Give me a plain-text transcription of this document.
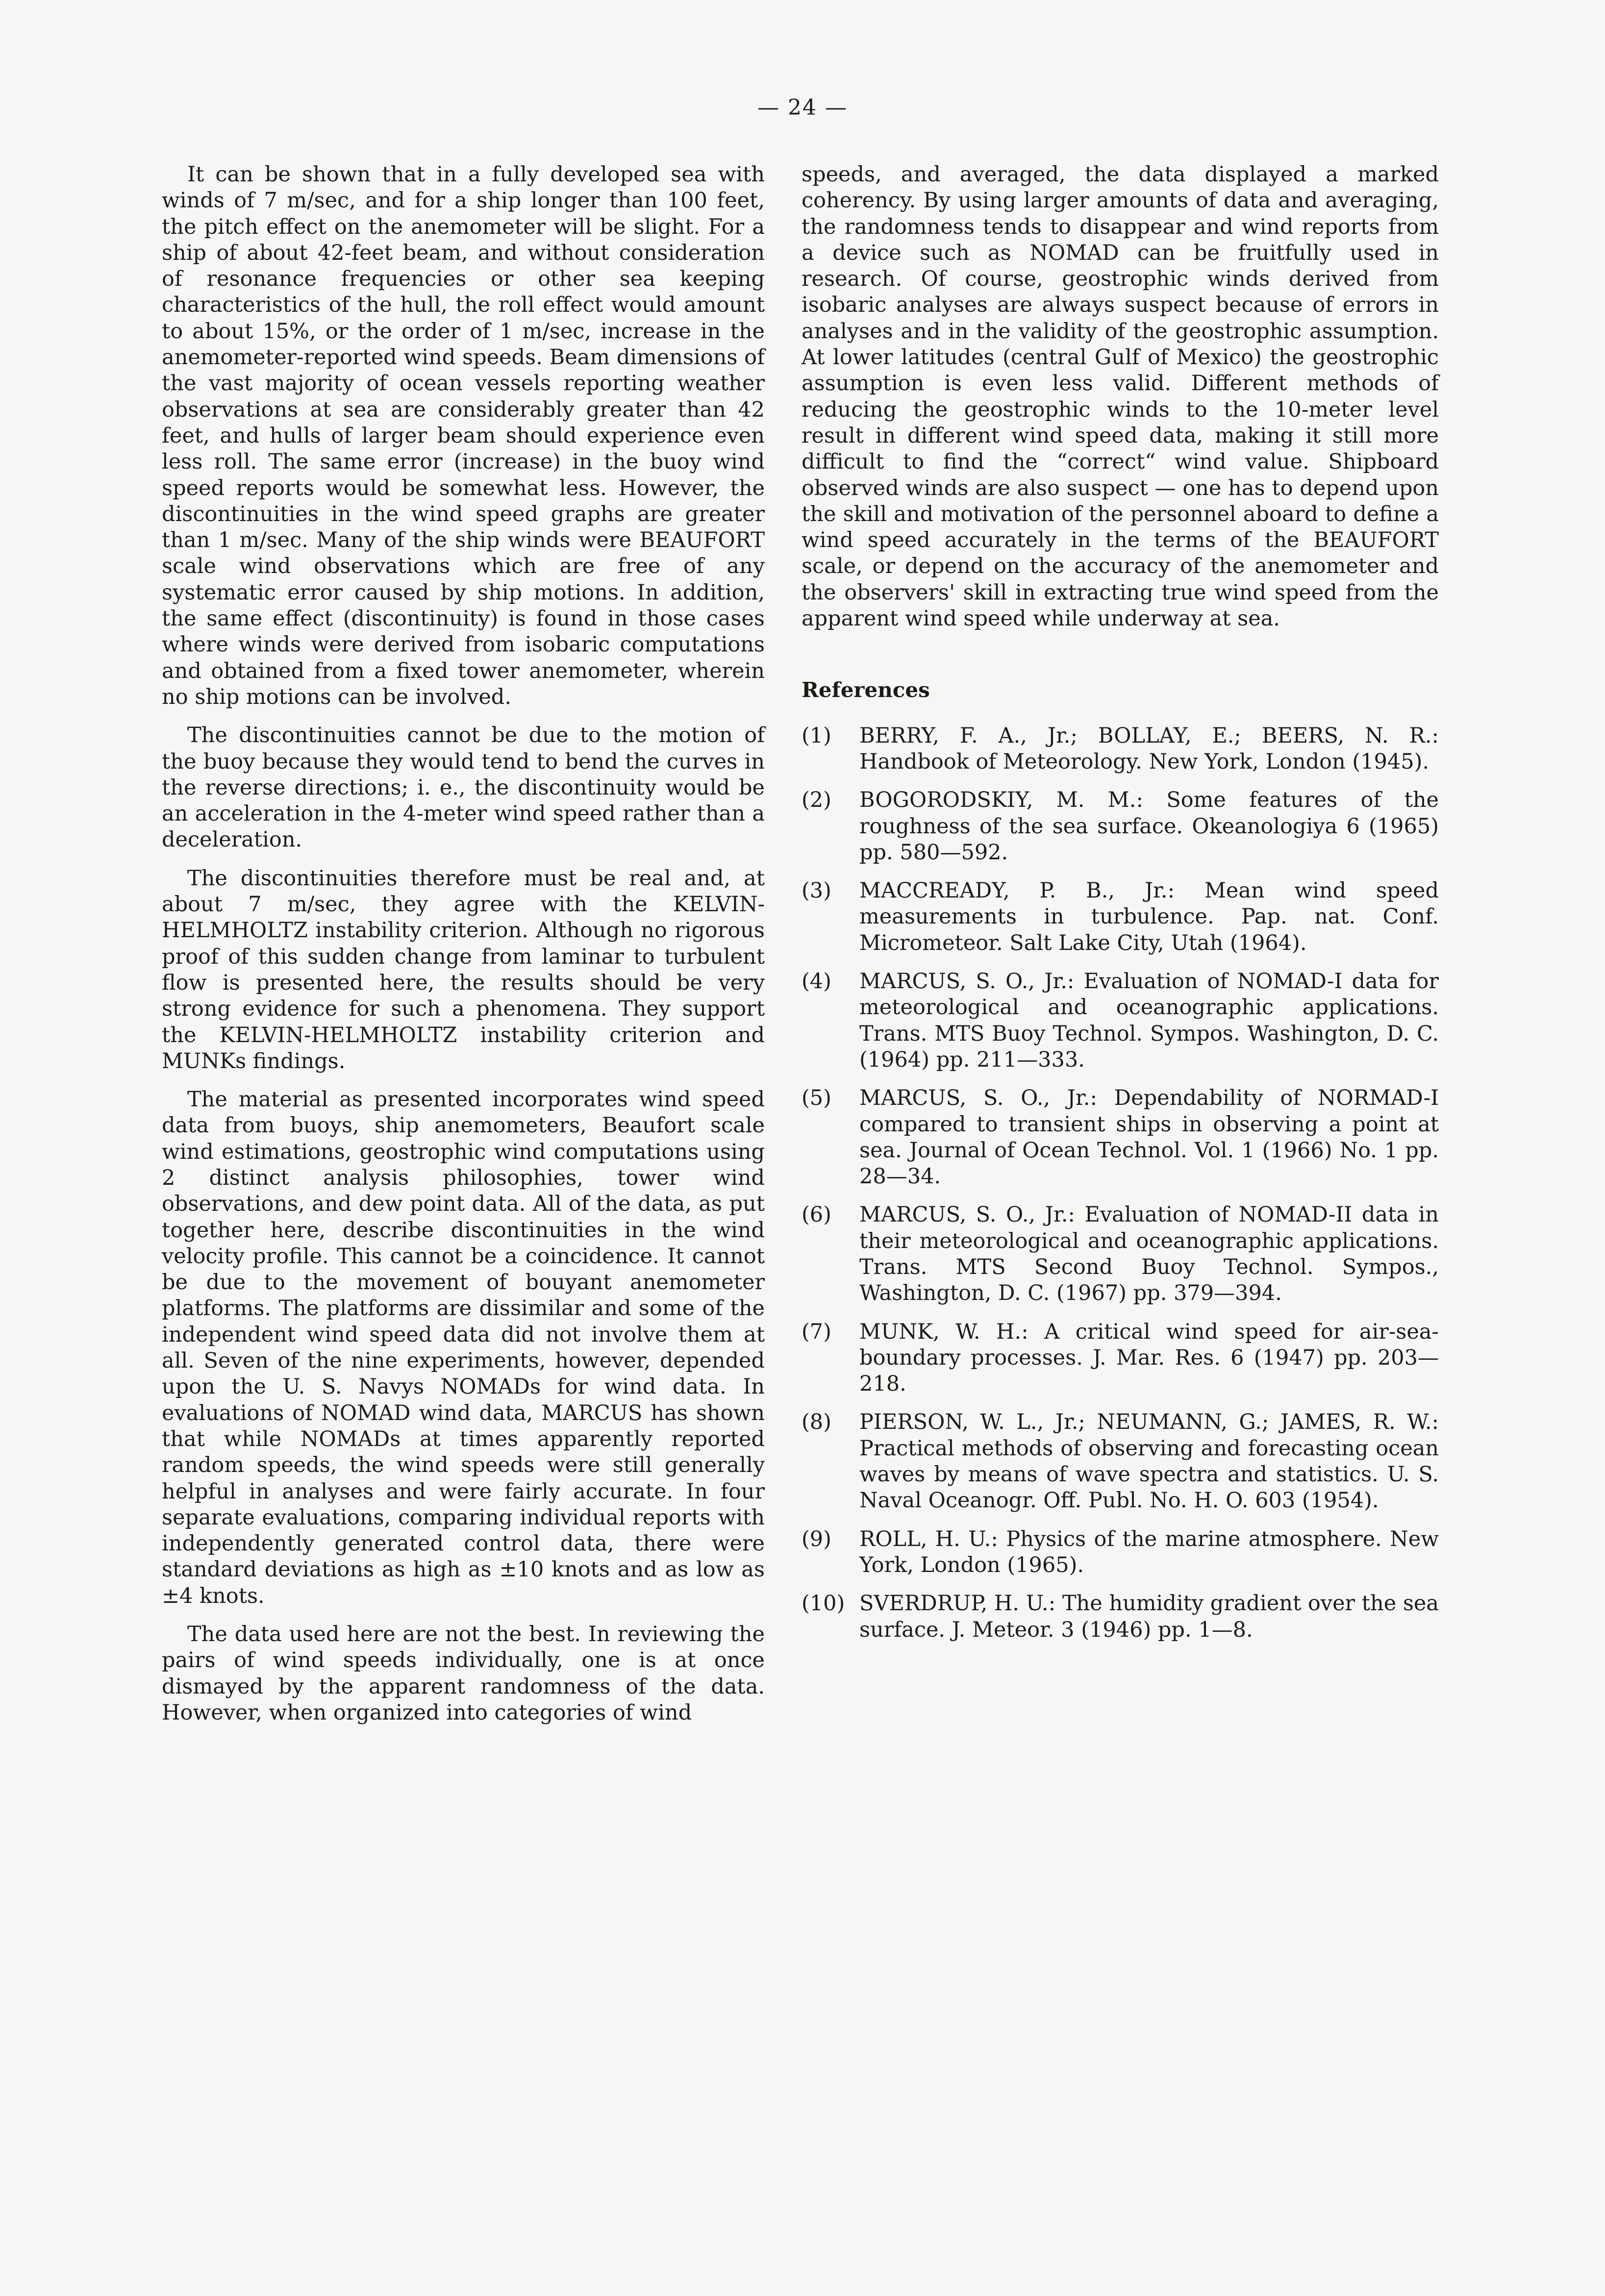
— 24 —

It can be shown that in a fully developed sea with winds of 7 m/sec, and for a ship longer than 100 feet, the pitch effect on the anemometer will be slight. For a ship of about 42-feet beam, and without consideration of resonance frequencies or other sea keeping characteristics of the hull, the roll effect would amount to about 15%, or the order of 1 m/sec, increase in the anemometer-reported wind speeds. Beam dimensions of the vast majority of ocean vessels reporting weather observations at sea are considerably greater than 42 feet, and hulls of larger beam should experience even less roll. The same error (increase) in the buoy wind speed reports would be somewhat less. However, the discontinuities in the wind speed graphs are greater than 1 m/sec. Many of the ship winds were BEAUFORT scale wind observations which are free of any systematic error caused by ship motions. In addition, the same effect (discontinuity) is found in those cases where winds were derived from isobaric computations and obtained from a fixed tower anemometer, wherein no ship motions can be involved.

The discontinuities cannot be due to the motion of the buoy because they would tend to bend the curves in the reverse directions; i. e., the discontinuity would be an acceleration in the 4-meter wind speed rather than a deceleration.

The discontinuities therefore must be real and, at about 7 m/sec, they agree with the KELVIN-HELMHOLTZ instability criterion. Although no rigorous proof of this sudden change from laminar to turbulent flow is presented here, the results should be very strong evidence for such a phenomena. They support the KELVIN-HELMHOLTZ instability criterion and MUNKs findings.

The material as presented incorporates wind speed data from buoys, ship anemometers, Beaufort scale wind estimations, geostrophic wind computations using 2 distinct analysis philosophies, tower wind observations, and dew point data. All of the data, as put together here, describe discontinuities in the wind velocity profile. This cannot be a coincidence. It cannot be due to the movement of bouyant anemometer platforms. The platforms are dissimilar and some of the independent wind speed data did not involve them at all. Seven of the nine experiments, however, depended upon the U. S. Navys NOMADs for wind data. In evaluations of NOMAD wind data, MARCUS has shown that while NOMADs at times apparently reported random speeds, the wind speeds were still generally helpful in analyses and were fairly accurate. In four separate evaluations, comparing individual reports with independently generated control data, there were standard deviations as high as ±10 knots and as low as ±4 knots.

The data used here are not the best. In reviewing the pairs of wind speeds individually, one is at once dismayed by the apparent randomness of the data. However, when organized into categories of wind

speeds, and averaged, the data displayed a marked coherency. By using larger amounts of data and averaging, the randomness tends to disappear and wind reports from a device such as NOMAD can be fruitfully used in research. Of course, geostrophic winds derived from isobaric analyses are always suspect because of errors in analyses and in the validity of the geostrophic assumption. At lower latitudes (central Gulf of Mexico) the geostrophic assumption is even less valid. Different methods of reducing the geostrophic winds to the 10-meter level result in different wind speed data, making it still more difficult to find the “correct“ wind value. Shipboard observed winds are also suspect — one has to depend upon the skill and motivation of the personnel aboard to define a wind speed accurately in the terms of the BEAUFORT scale, or depend on the accuracy of the anemometer and the observers' skill in extracting true wind speed from the apparent wind speed while underway at sea.

References
(1)	BERRY, F. A., Jr.; BOLLAY, E.; BEERS, N. R.: Handbook of Meteorology. New York, London (1945).
(2)	BOGORODSKIY, M. M.: Some features of the roughness of the sea surface. Okeanologiya 6 (1965) pp. 580—592.
(3)	MACCREADY, P. B., Jr.: Mean wind speed measurements in turbulence. Pap. nat. Conf. Micrometeor. Salt Lake City, Utah (1964).
(4)	MARCUS, S. O., Jr.: Evaluation of NOMAD-I data for meteorological and oceanographic applications. Trans. MTS Buoy Technol. Sympos. Washington, D. C. (1964) pp. 211—333.
(5)	MARCUS, S. O., Jr.: Dependability of NORMAD-I compared to transient ships in observing a point at sea. Journal of Ocean Technol. Vol. 1 (1966) No. 1 pp. 28—34.
(6)	MARCUS, S. O., Jr.: Evaluation of NOMAD-II data in their meteorological and oceanographic applications. Trans. MTS Second Buoy Technol. Sympos., Washington, D. C. (1967) pp. 379—394.
(7)	MUNK, W. H.: A critical wind speed for air-sea-boundary processes. J. Mar. Res. 6 (1947) pp. 203—218.
(8)	PIERSON, W. L., Jr.; NEUMANN, G.; JAMES, R. W.: Practical methods of observing and forecasting ocean waves by means of wave spectra and statistics. U. S. Naval Oceanogr. Off. Publ. No. H. O. 603 (1954).
(9)	ROLL, H. U.: Physics of the marine atmosphere. New York, London (1965).
(10) SVERDRUP, H. U.: The humidity gradient over the sea surface. J. Meteor. 3 (1946) pp. 1—8.
